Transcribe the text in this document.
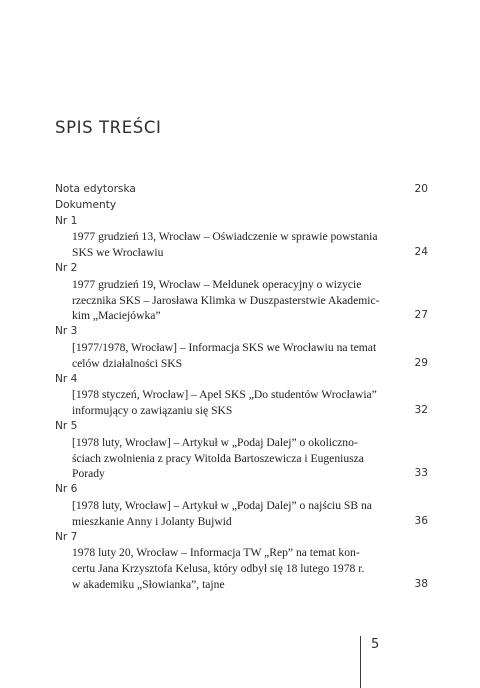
SPIS TREŚCI
Nota edytorska	20
Dokumenty
Nr 1
1977 grudzień 13, Wrocław – Oświadczenie w sprawie powstania
SKS we Wrocławiu	24
Nr 2
1977 grudzień 19, Wrocław – Meldunek operacyjny o wizycie
rzecznika SKS – Jarosława Klimka w Duszpasterstwie Akademic-
kim „Maciejówka”	27
Nr 3
[1977/1978, Wrocław] – Informacja SKS we Wrocławiu na temat
celów działalności SKS	29
Nr 4
[1978 styczeń, Wrocław] – Apel SKS „Do studentów Wrocławia”
informujący o zawiązaniu się SKS	32
Nr 5
[1978 luty, Wrocław] – Artykuł w „Podaj Dalej” o okoliczno-
ściach zwolnienia z pracy Witolda Bartoszewicza i Eugeniusza
Porady	33
Nr 6
[1978 luty, Wrocław] – Artykuł w „Podaj Dalej” o najściu SB na
mieszkanie Anny i Jolanty Bujwid	36
Nr 7
1978 luty 20, Wrocław – Informacja TW „Rep” na temat kon-
certu Jana Krzysztofa Kelusa, który odbył się 18 lutego 1978 r.
w akademiku „Słowianka”, tajne	38
5
